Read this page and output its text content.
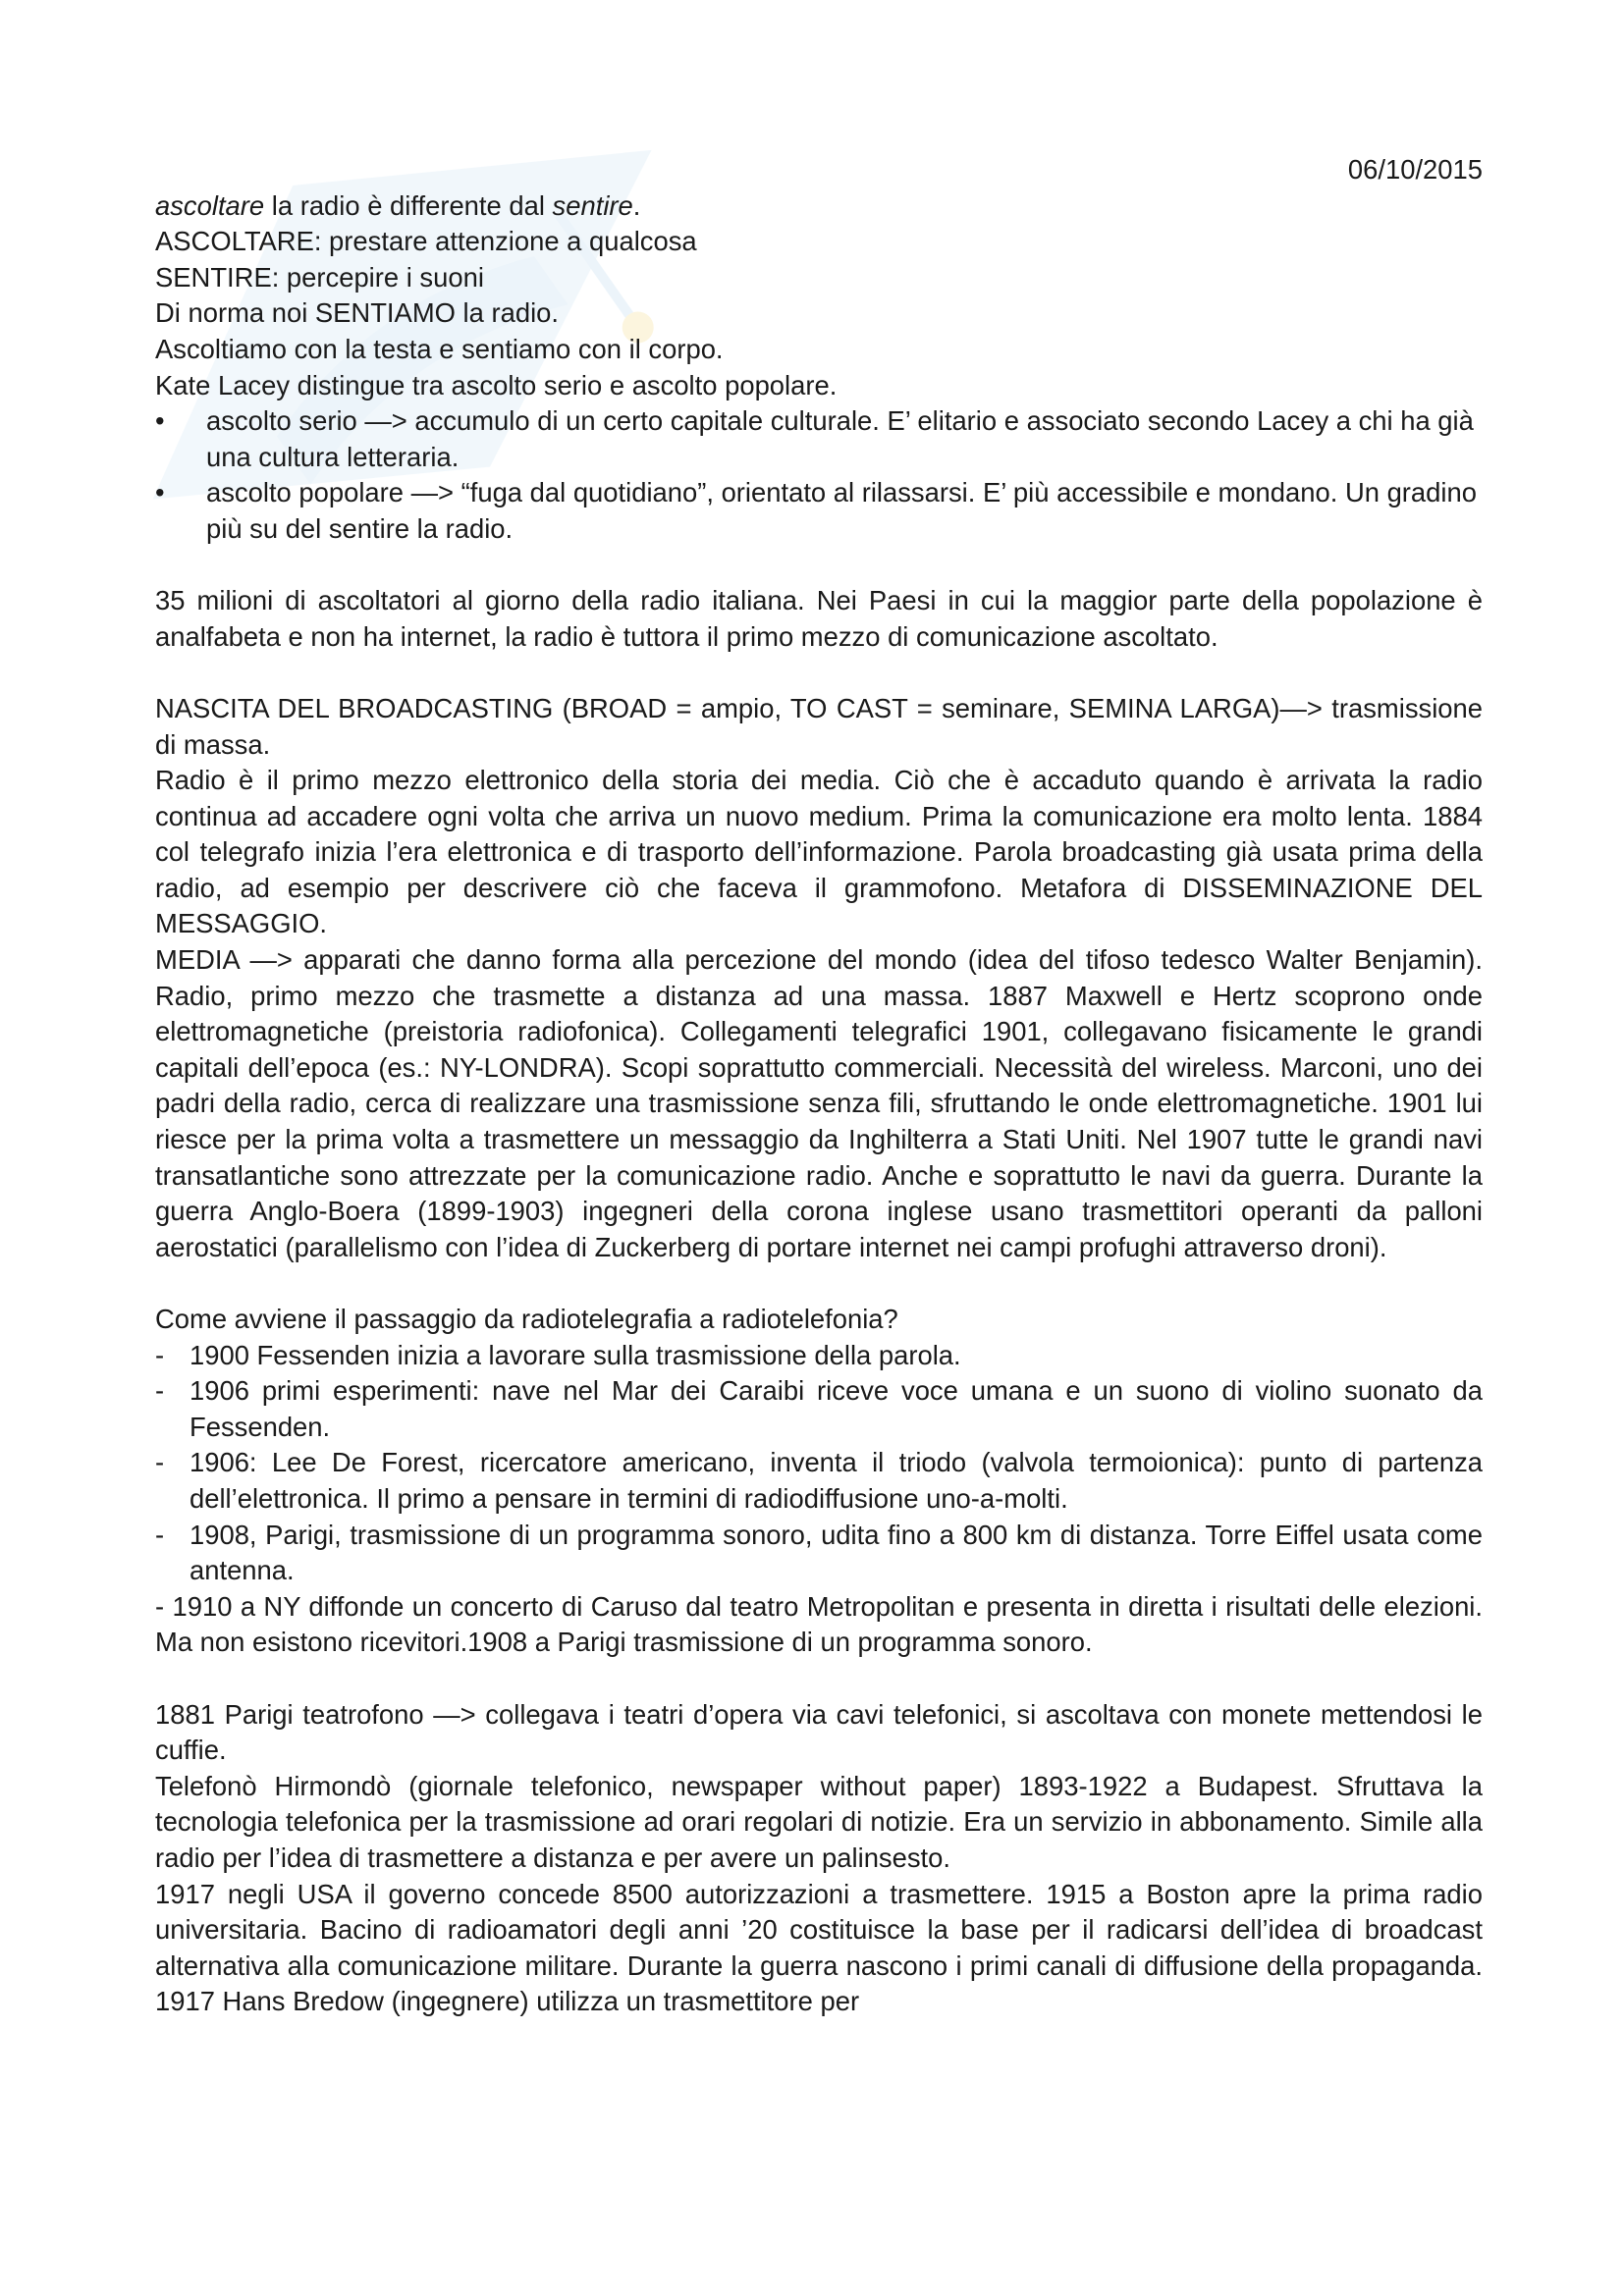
06/10/2015
ascoltare la radio è differente dal sentire.
ASCOLTARE: prestare attenzione a qualcosa
SENTIRE: percepire i suoni
Di norma noi SENTIAMO la radio.
Ascoltiamo con la testa e sentiamo con il corpo.
Kate Lacey distingue tra ascolto serio e ascolto popolare.
• ascolto serio —> accumulo di un certo capitale culturale. E’ elitario e associato secondo Lacey a chi ha già una cultura letteraria.
• ascolto popolare —> “fuga dal quotidiano”, orientato al rilassarsi. E’ più accessibile e mondano. Un gradino più su del sentire la radio.
35 milioni di ascoltatori al giorno della radio italiana. Nei Paesi in cui la maggior parte della popolazione è analfabeta e non ha internet, la radio è tuttora il primo mezzo di comunicazione ascoltato.
NASCITA DEL BROADCASTING (BROAD = ampio, TO CAST = seminare, SEMINA LARGA)—> trasmissione di massa.
Radio è il primo mezzo elettronico della storia dei media. Ciò che è accaduto quando è arrivata la radio continua ad accadere ogni volta che arriva un nuovo medium. Prima la comunicazione era molto lenta. 1884 col telegrafo inizia l’era elettronica e di trasporto dell’informazione. Parola broadcasting già usata prima della radio, ad esempio per descrivere ciò che faceva il grammofono. Metafora di DISSEMINAZIONE DEL MESSAGGIO.
MEDIA —> apparati che danno forma alla percezione del mondo (idea del tifoso tedesco Walter Benjamin). Radio, primo mezzo che trasmette a distanza ad una massa. 1887 Maxwell e Hertz scoprono onde elettromagnetiche (preistoria radiofonica). Collegamenti telegrafici 1901, collegavano fisicamente le grandi capitali dell’epoca (es.: NY-LONDRA). Scopi soprattutto commerciali. Necessità del wireless. Marconi, uno dei padri della radio, cerca di realizzare una trasmissione senza fili, sfruttando le onde elettromagnetiche. 1901 lui riesce per la prima volta a trasmettere un messaggio da Inghilterra a Stati Uniti. Nel 1907 tutte le grandi navi transatlantiche sono attrezzate per la comunicazione radio. Anche e soprattutto le navi da guerra. Durante la guerra Anglo-Boera (1899-1903) ingegneri della corona inglese usano trasmettitori operanti da palloni aerostatici (parallelismo con l’idea di Zuckerberg di portare internet nei campi profughi attraverso droni).
Come avviene il passaggio da radiotelegrafia a radiotelefonia?
- 1900 Fessenden inizia a lavorare sulla trasmissione della parola.
- 1906 primi esperimenti: nave nel Mar dei Caraibi riceve voce umana e un suono di violino suonato da Fessenden.
- 1906: Lee De Forest, ricercatore americano, inventa il triodo (valvola termoionica): punto di partenza dell’elettronica. Il primo a pensare in termini di radiodiffusione uno-a-molti.
- 1908, Parigi, trasmissione di un programma sonoro, udita fino a 800 km di distanza. Torre Eiffel usata come antenna.
- 1910 a NY diffonde un concerto di Caruso dal teatro Metropolitan e presenta in diretta i risultati delle elezioni. Ma non esistono ricevitori.1908 a Parigi trasmissione di un programma sonoro.
1881 Parigi teatrofono —> collegava i teatri d’opera via cavi telefonici, si ascoltava con monete mettendosi le cuffie.
Telefonò Hirmondò (giornale telefonico, newspaper without paper) 1893-1922 a Budapest. Sfruttava la tecnologia telefonica per la trasmissione ad orari regolari di notizie. Era un servizio in abbonamento. Simile alla radio per l’idea di trasmettere a distanza e per avere un palinsesto.
1917 negli USA il governo concede 8500 autorizzazioni a trasmettere. 1915 a Boston apre la prima radio universitaria. Bacino di radioamatori degli anni ’20 costituisce la base per il radicarsi dell’idea di broadcast alternativa alla comunicazione militare. Durante la guerra nascono i primi canali di diffusione della propaganda. 1917 Hans Bredow (ingegnere) utilizza un trasmettitore per
